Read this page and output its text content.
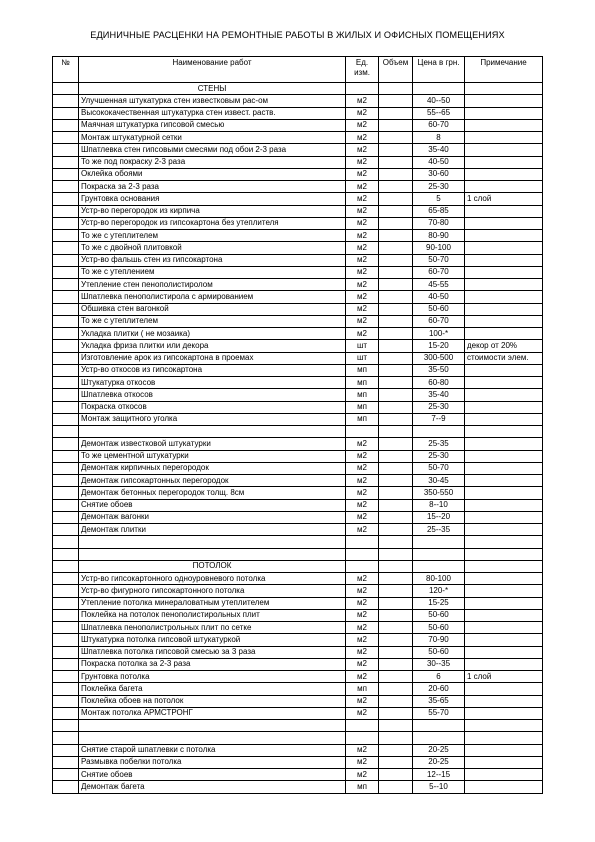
ЕДИНИЧНЫЕ РАСЦЕНКИ НА РЕМОНТНЫЕ РАБОТЫ В ЖИЛЫХ И ОФИСНЫХ ПОМЕЩЕНИЯХ
№	Наименование работ	Ед. изм.	Объем	Цена в грн.	Примечание
	СТЕНЫ				
	Улучшенная штукатурка стен известковым рас-ом	м2		40--50	
	Высококачественная штукатурка стен извест. раств.	м2		55--65	
	Маячная штукатурка гипсовой смесью	м2		60-70	
	Монтаж штукатурной сетки	м2		8	
	Шпатлевка стен гипсовыми смесями под обои 2-3 раза	м2		35-40	
	То же под покраску 2-3 раза	м2		40-50	
	Оклейка обоями	м2		30-60	
	Покраска за 2-3 раза	м2		25-30	
	Грунтовка основания	м2		5	1 слой
	Устр-во перегородок из кирпича	м2		65-85	
	Устр-во перегородок из гипсокартона без утеплителя	м2		70-80	
	То же с утеплителем	м2		80-90	
	То же с двойной плитовкой	м2		90-100	
	Устр-во фальшь стен из гипсокартона	м2		50-70	
	То же с утеплением	м2		60-70	
	Утепление стен пенополистиролом	м2		45-55	
	Шпатлевка пенополистирола с армированием	м2		40-50	
	Обшивка стен вагонкой	м2		50-60	
	То же с утеплителем	м2		60-70	
	Укладка плитки ( не мозаика)	м2		100-*	
	Укладка фриза плитки или декора	шт		15-20	декор от 20%
	Изготовление арок из гипсокартона в проемах	шт		300-500	стоимости элем.
	Устр-во откосов из гипсокартона	мп		35-50	
	Штукатурка откосов	мп		60-80	
	Шпатлевка откосов	мп		35-40	
	Покраска откосов	мп		25-30	
	Монтаж защитного уголка	мп		7--9	

	Демонтаж известковой штукатурки	м2		25-35	
	То же цементной штукатурки	м2		25-30	
	Демонтаж кирпичных перегородок	м2		50-70	
	Демонтаж гипсокартонных перегородок	м2		30-45	
	Демонтаж бетонных перегородок толщ. 8см	м2		350-550	
	Снятие обоев	м2		8--10	
	Демонтаж вагонки	м2		15--20	
	Демонтаж плитки	м2		25--35	

	ПОТОЛОК				
	Устр-во гипсокартонного одноуровневого потолка	м2		80-100	
	Устр-во фигурного гипсокартонного потолка	м2		120-*	
	Утепление потолка минераловатным утеплителем	м2		15-25	
	Поклейка на потолок пенополистирольных плит	м2		50-60	
	Шпатлевка пенополистрольных плит по сетке	м2		50-60	
	Штукатурка потолка гипсовой штукатуркой	м2		70-90	
	Шпатлевка потолка гипсовой смесью за 3 раза	м2		50-60	
	Покраска потолка за 2-3 раза	м2		30--35	
	Грунтовка потолка	м2		6	1 слой
	Поклейка багета	мп		20-60	
	Поклейка обоев на потолок	м2		35-65	
	Монтаж потолка АРМСТРОНГ	м2		55-70	

	Снятие старой шпатлевки с потолка	м2		20-25	
	Размывка побелки потолка	м2		20-25	
	Снятие обоев	м2		12--15	
	Демонтаж багета	мп		5--10	
